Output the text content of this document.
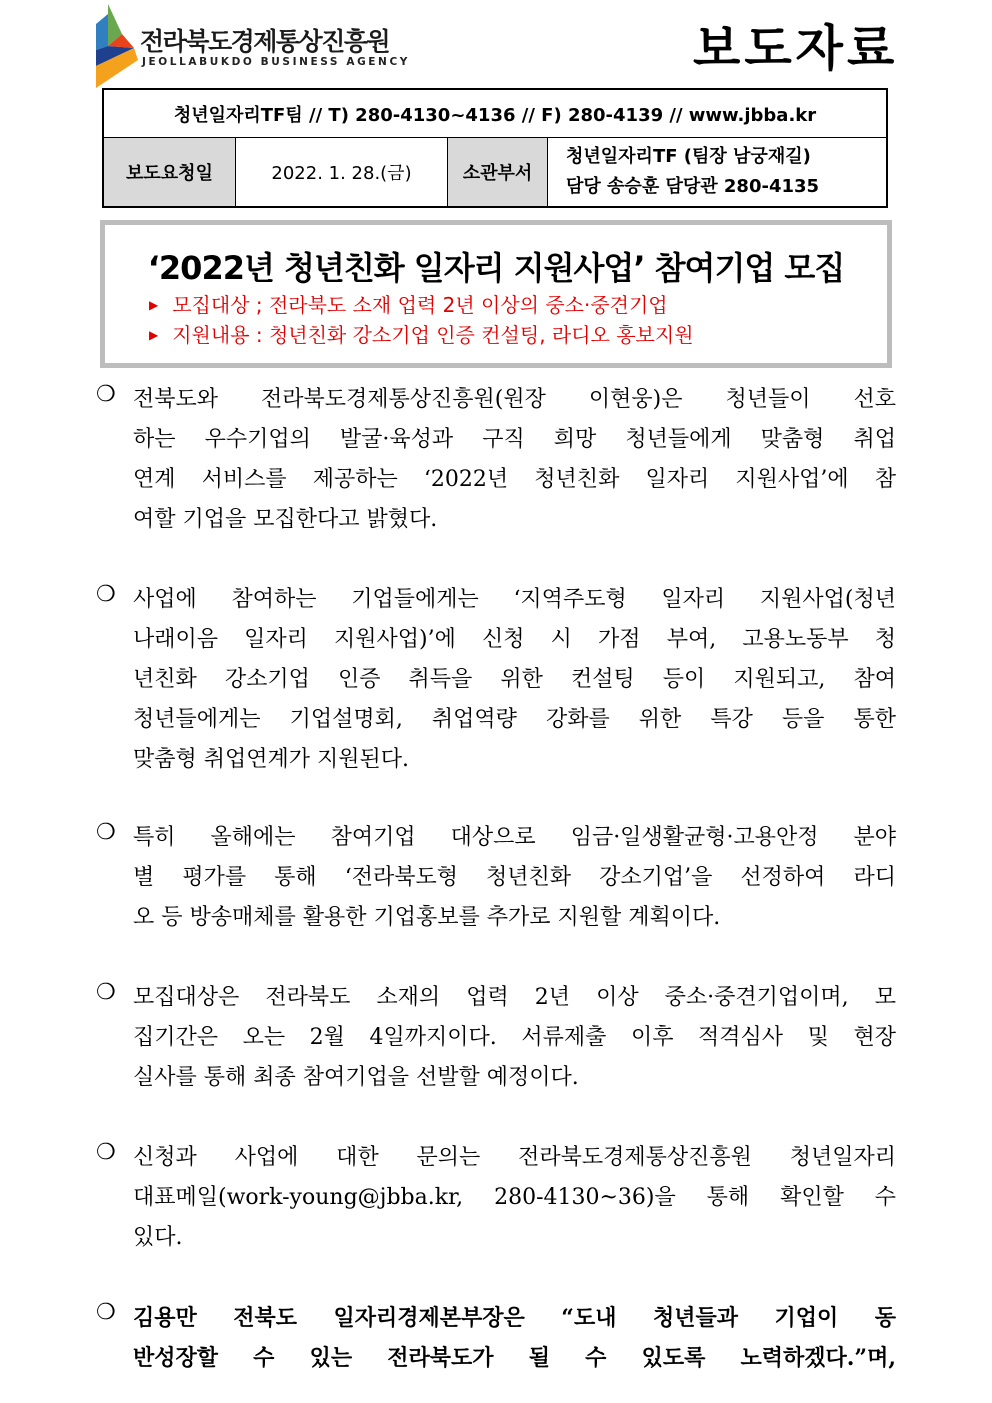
전라북도경제통상진흥원
JEOLLABUKDO BUSINESS AGENCY	보도자료
청년일자리TF팀 // T) 280-4130~4136 // F) 280-4139 // www.jbba.kr
보도요청일	2022. 1. 28.(금)	소관부서
청년일자리TF (팀장 남궁재길)
담당 송승훈 담당관 280-4135
‘2022년 청년친화 일자리 지원사업’ 참여기업 모집
▶ 모집대상 ; 전라북도 소재 업력 2년 이상의 중소·중견기업
▶ 지원내용 : 청년친화 강소기업 인증 컨설팅, 라디오 홍보지원
❍ 전북도와 전라북도경제통상진흥원(원장 이현웅)은 청년들이 선호
하는 우수기업의 발굴·육성과 구직 희망 청년들에게 맞춤형 취업
연계 서비스를 제공하는 ‘2022년 청년친화 일자리 지원사업’에 참
여할 기업을 모집한다고 밝혔다.
❍ 사업에 참여하는 기업들에게는 ‘지역주도형 일자리 지원사업(청년
나래이음 일자리 지원사업)’에 신청 시 가점 부여, 고용노동부 청
년친화 강소기업 인증 취득을 위한 컨설팅 등이 지원되고, 참여
청년들에게는 기업설명회, 취업역량 강화를 위한 특강 등을 통한
맞춤형 취업연계가 지원된다.
❍ 특히 올해에는 참여기업 대상으로 임금·일생활균형·고용안정 분야
별 평가를 통해 ‘전라북도형 청년친화 강소기업’을 선정하여 라디
오 등 방송매체를 활용한 기업홍보를 추가로 지원할 계획이다.
❍ 모집대상은 전라북도 소재의 업력 2년 이상 중소·중견기업이며, 모
집기간은 오는 2월 4일까지이다. 서류제출 이후 적격심사 및 현장
실사를 통해 최종 참여기업을 선발할 예정이다.
❍ 신청과 사업에 대한 문의는 전라북도경제통상진흥원 청년일자리
대표메일(work-young@jbba.kr, 280-4130~36)을 통해 확인할 수
있다.
❍ 김용만 전북도 일자리경제본부장은 “도내 청년들과 기업이 동
반성장할 수 있는 전라북도가 될 수 있도록 노력하겠다.”며,
